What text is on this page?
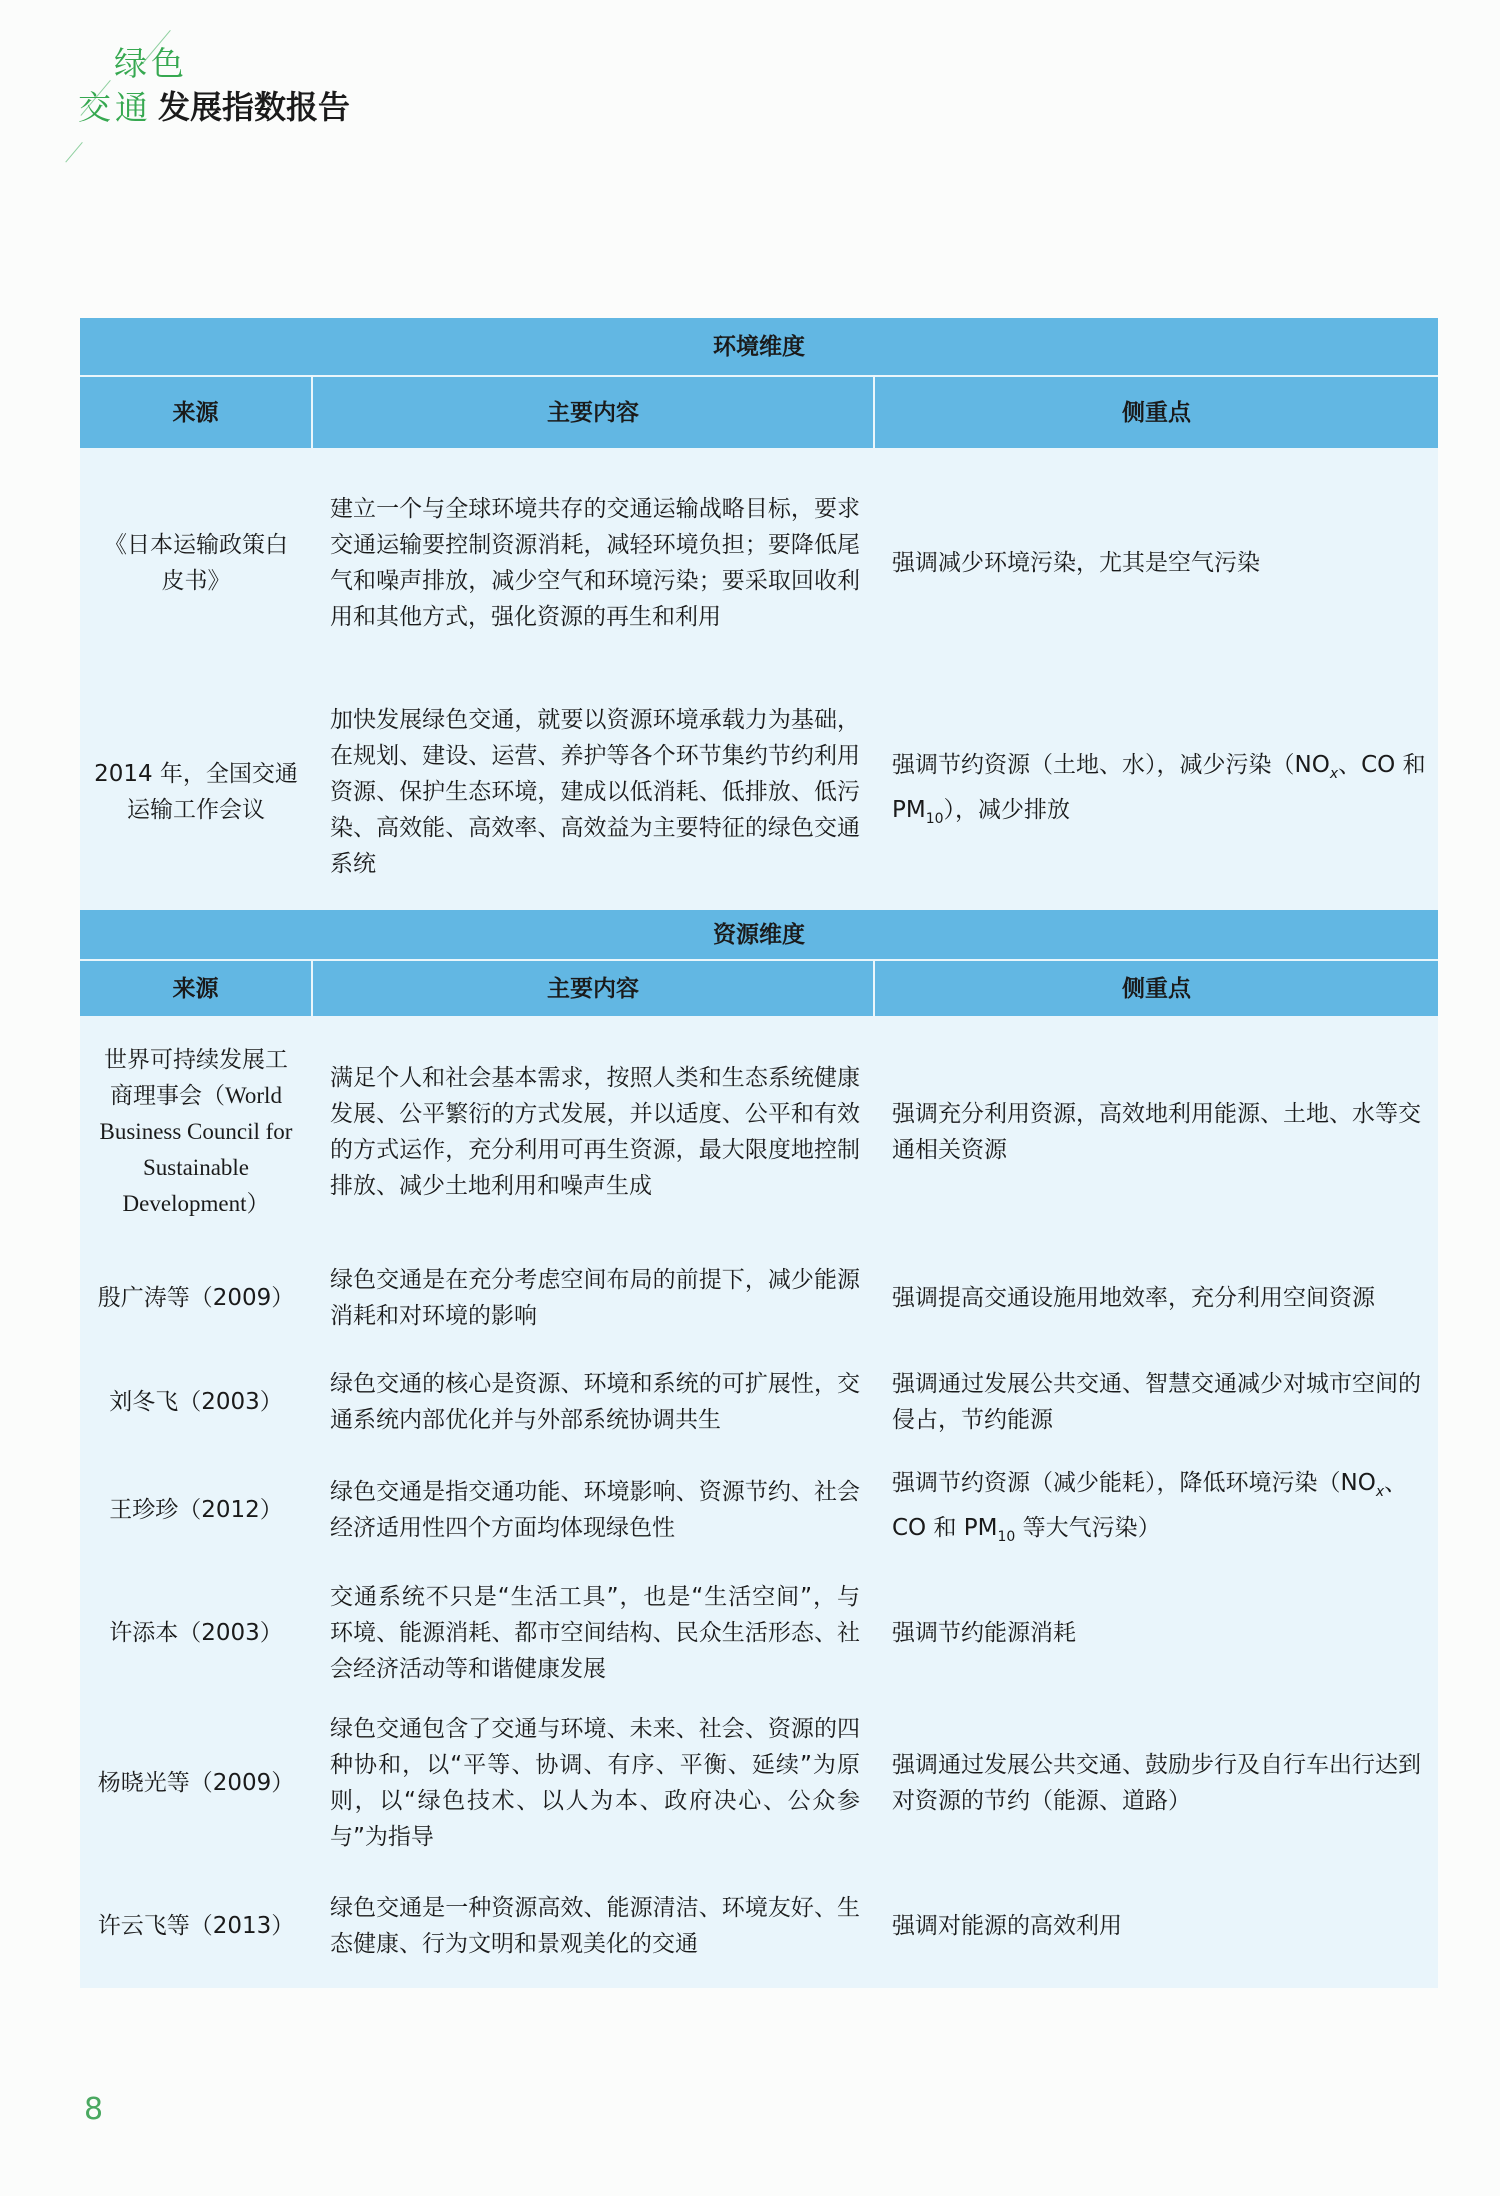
绿色
交通 发展指数报告
环境维度		
来源	主要内容	侧重点
《日本运输政策白皮书》	建立一个与全球环境共存的交通运输战略目标，要求交通运输要控制资源消耗，减轻环境负担；要降低尾气和噪声排放，减少空气和环境污染；要采取回收利用和其他方式，强化资源的再生和利用	强调减少环境污染，尤其是空气污染
2014 年，全国交通运输工作会议	加快发展绿色交通，就要以资源环境承载力为基础，在规划、建设、运营、养护等各个环节集约节约利用资源、保护生态环境，建成以低消耗、低排放、低污染、高效能、高效率、高效益为主要特征的绿色交通系统	强调节约资源（土地、水），减少污染（$NO_x$、CO 和 $PM_{10}$），减少排放
资源维度		
来源	主要内容	侧重点
世界可持续发展工商理事会（World Business Council for Sustainable Development）	满足个人和社会基本需求，按照人类和生态系统健康发展、公平繁衍的方式发展，并以适度、公平和有效的方式运作，充分利用可再生资源，最大限度地控制排放、减少土地利用和噪声生成	强调充分利用资源，高效地利用能源、土地、水等交通相关资源
殷广涛等（2009）	绿色交通是在充分考虑空间布局的前提下，减少能源消耗和对环境的影响	强调提高交通设施用地效率，充分利用空间资源
刘冬飞（2003）	绿色交通的核心是资源、环境和系统的可扩展性，交通系统内部优化并与外部系统协调共生	强调通过发展公共交通、智慧交通减少对城市空间的侵占，节约能源
王珍珍（2012）	绿色交通是指交通功能、环境影响、资源节约、社会经济适用性四个方面均体现绿色性	强调节约资源（减少能耗），降低环境污染（$NO_x$、CO 和 $PM_{10}$ 等大气污染）
许添本（2003）	交通系统不只是“生活工具”，也是“生活空间”，与环境、能源消耗、都市空间结构、民众生活形态、社会经济活动等和谐健康发展	强调节约能源消耗
杨晓光等（2009）	绿色交通包含了交通与环境、未来、社会、资源的四种协和，以“平等、协调、有序、平衡、延续”为原则，以“绿色技术、以人为本、政府决心、公众参与”为指导	强调通过发展公共交通、鼓励步行及自行车出行达到对资源的节约（能源、道路）
许云飞等（2013）	绿色交通是一种资源高效、能源清洁、环境友好、生态健康、行为文明和景观美化的交通	强调对能源的高效利用
8
